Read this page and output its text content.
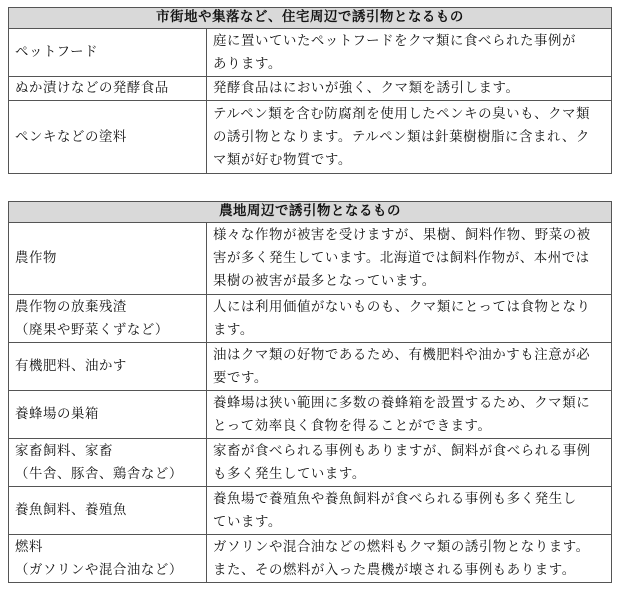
市街地や集落など、住宅周辺で誘引物となるもの	

ペットフード	庭に置いていたペットフードをクマ類に食べられた事例が
あります。

ぬか漬けなどの発酵食品	発酵食品はにおいが強く、クマ類を誘引します。

ペンキなどの塗料	テルペン類を含む防腐剤を使用したペンキの臭いも、クマ類
の誘引物となります。テルペン類は針葉樹樹脂に含まれ、ク
マ類が好む物質です。
農地周辺で誘引物となるもの	

農作物	様々な作物が被害を受けますが、果樹、飼料作物、野菜の被
害が多く発生しています。北海道では飼料作物が、本州では
果樹の被害が最多となっています。

農作物の放棄残渣
（廃果や野菜くずなど）	人には利用価値がないものも、クマ類にとっては食物となり
ます。

有機肥料、油かす	油はクマ類の好物であるため、有機肥料や油かすも注意が必
要です。

養蜂場の巣箱	養蜂場は狭い範囲に多数の養蜂箱を設置するため、クマ類に
とって効率良く食物を得ることができます。

家畜飼料、家畜
（牛舎、豚舎、鶏舎など）	家畜が食べられる事例もありますが、飼料が食べられる事例
も多く発生しています。

養魚飼料、養殖魚	養魚場で養殖魚や養魚飼料が食べられる事例も多く発生し
ています。

燃料
（ガソリンや混合油など）	ガソリンや混合油などの燃料もクマ類の誘引物となります。
また、その燃料が入った農機が壊される事例もあります。
